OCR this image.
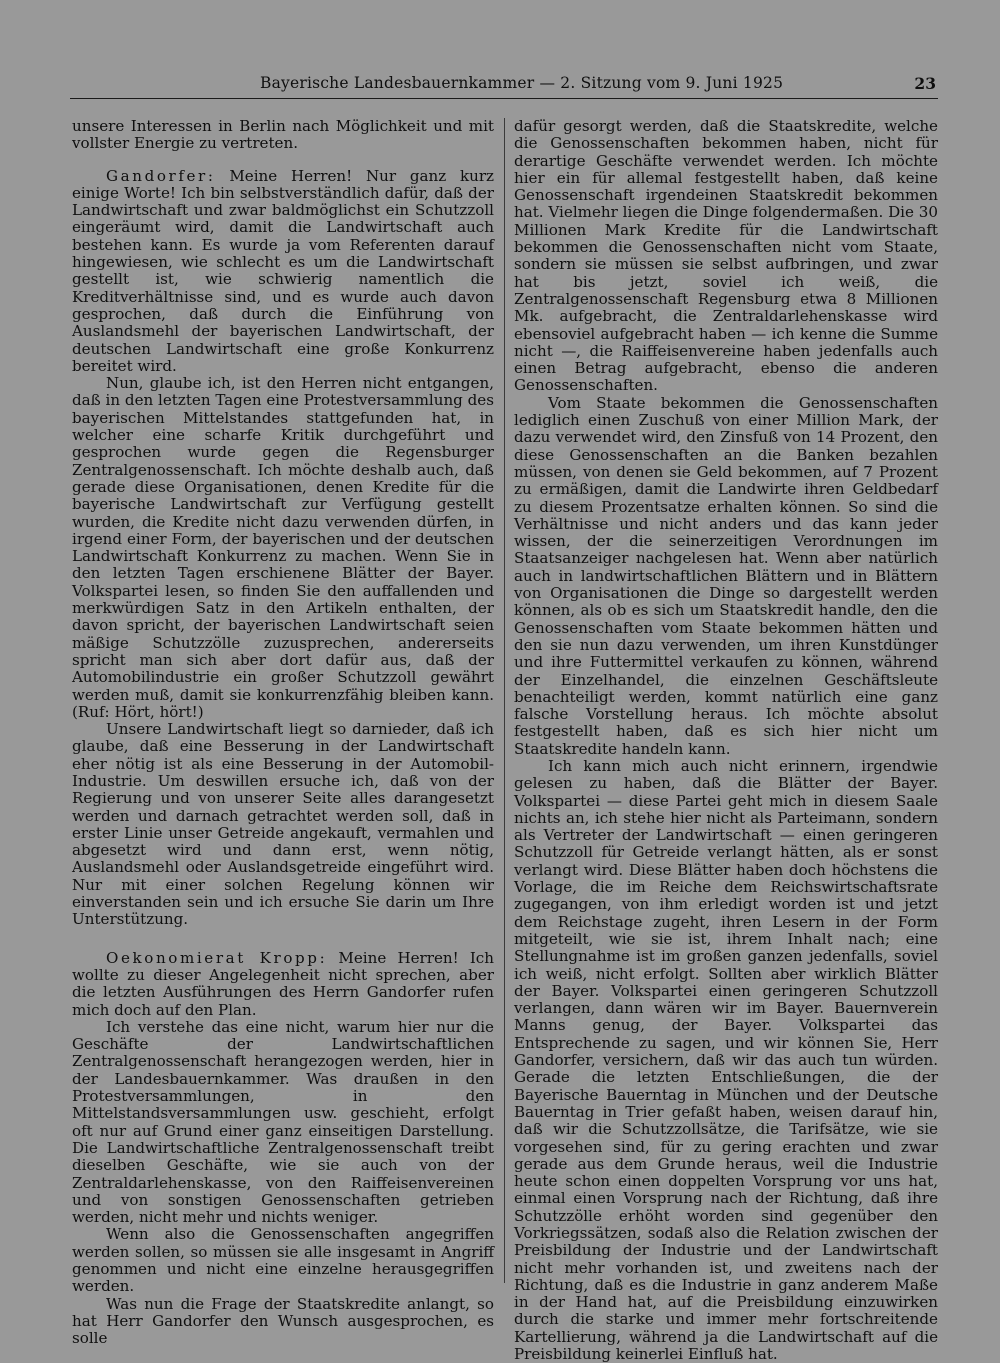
Bayerische Landesbauernkammer — 2. Sitzung vom 9. Juni 1925	23

unsere Interessen in Berlin nach Möglichkeit und mit vollster Energie zu vertreten.

Gandorfer: Meine Herren! Nur ganz kurz einige Worte! Ich bin selbstverständlich dafür, daß der Landwirtschaft und zwar baldmöglichst ein Schutzzoll eingeräumt wird, damit die Landwirtschaft auch bestehen kann. Es wurde ja vom Referenten darauf hingewiesen, wie schlecht es um die Landwirtschaft gestellt ist, wie schwierig namentlich die Kreditverhältnisse sind, und es wurde auch davon gesprochen, daß durch die Einführung von Auslandsmehl der bayerischen Landwirtschaft, der deutschen Landwirtschaft eine große Konkurrenz bereitet wird.

Nun, glaube ich, ist den Herren nicht entgangen, daß in den letzten Tagen eine Protestversammlung des bayerischen Mittelstandes stattgefunden hat, in welcher eine scharfe Kritik durchgeführt und gesprochen wurde gegen die Regensburger Zentralgenossenschaft. Ich möchte deshalb auch, daß gerade diese Organisationen, denen Kredite für die bayerische Landwirtschaft zur Verfügung gestellt wurden, die Kredite nicht dazu verwenden dürfen, in irgend einer Form, der bayerischen und der deutschen Landwirtschaft Konkurrenz zu machen. Wenn Sie in den letzten Tagen erschienene Blätter der Bayer. Volkspartei lesen, so finden Sie den auffallenden und merkwürdigen Satz in den Artikeln enthalten, der davon spricht, der bayerischen Landwirtschaft seien mäßige Schutzzölle zuzusprechen, andererseits spricht man sich aber dort dafür aus, daß der Automobilindustrie ein großer Schutzzoll gewährt werden muß, damit sie konkurrenzfähig bleiben kann. (Ruf: Hört, hört!)

Unsere Landwirtschaft liegt so darnieder, daß ich glaube, daß eine Besserung in der Landwirtschaft eher nötig ist als eine Besserung in der Automobil-Industrie. Um deswillen ersuche ich, daß von der Regierung und von unserer Seite alles darangesetzt werden und darnach getrachtet werden soll, daß in erster Linie unser Getreide angekauft, vermahlen und abgesetzt wird und dann erst, wenn nötig, Auslandsmehl oder Auslandsgetreide eingeführt wird. Nur mit einer solchen Regelung können wir einverstanden sein und ich ersuche Sie darin um Ihre Unterstützung.

Oekonomierat Kropp: Meine Herren! Ich wollte zu dieser Angelegenheit nicht sprechen, aber die letzten Ausführungen des Herrn Gandorfer rufen mich doch auf den Plan.

Ich verstehe das eine nicht, warum hier nur die Geschäfte der Landwirtschaftlichen Zentralgenossenschaft herangezogen werden, hier in der Landesbauernkammer. Was draußen in den Protestversammlungen, in den Mittelstandsversammlungen usw. geschieht, erfolgt oft nur auf Grund einer ganz einseitigen Darstellung. Die Landwirtschaftliche Zentralgenossenschaft treibt dieselben Geschäfte, wie sie auch von der Zentraldarlehenskasse, von den Raiffeisenvereinen und von sonstigen Genossenschaften getrieben werden, nicht mehr und nichts weniger.

Wenn also die Genossenschaften angegriffen werden sollen, so müssen sie alle insgesamt in Angriff genommen und nicht eine einzelne herausgegriffen werden.

Was nun die Frage der Staatskredite anlangt, so hat Herr Gandorfer den Wunsch ausgesprochen, es solle

dafür gesorgt werden, daß die Staatskredite, welche die Genossenschaften bekommen haben, nicht für derartige Geschäfte verwendet werden. Ich möchte hier ein für allemal festgestellt haben, daß keine Genossenschaft irgendeinen Staatskredit bekommen hat. Vielmehr liegen die Dinge folgendermaßen. Die 30 Millionen Mark Kredite für die Landwirtschaft bekommen die Genossenschaften nicht vom Staate, sondern sie müssen sie selbst aufbringen, und zwar hat bis jetzt, soviel ich weiß, die Zentralgenossenschaft Regensburg etwa 8 Millionen Mk. aufgebracht, die Zentraldarlehenskasse wird ebensoviel aufgebracht haben — ich kenne die Summe nicht —, die Raiffeisenvereine haben jedenfalls auch einen Betrag aufgebracht, ebenso die anderen Genossenschaften.

Vom Staate bekommen die Genossenschaften lediglich einen Zuschuß von einer Million Mark, der dazu verwendet wird, den Zinsfuß von 14 Prozent, den diese Genossenschaften an die Banken bezahlen müssen, von denen sie Geld bekommen, auf 7 Prozent zu ermäßigen, damit die Landwirte ihren Geldbedarf zu diesem Prozentsatze erhalten können. So sind die Verhältnisse und nicht anders und das kann jeder wissen, der die seinerzeitigen Verordnungen im Staatsanzeiger nachgelesen hat. Wenn aber natürlich auch in landwirtschaftlichen Blättern und in Blättern von Organisationen die Dinge so dargestellt werden können, als ob es sich um Staatskredit handle, den die Genossenschaften vom Staate bekommen hätten und den sie nun dazu verwenden, um ihren Kunstdünger und ihre Futtermittel verkaufen zu können, während der Einzelhandel, die einzelnen Geschäftsleute benachteiligt werden, kommt natürlich eine ganz falsche Vorstellung heraus. Ich möchte absolut festgestellt haben, daß es sich hier nicht um Staatskredite handeln kann.

Ich kann mich auch nicht erinnern, irgendwie gelesen zu haben, daß die Blätter der Bayer. Volkspartei — diese Partei geht mich in diesem Saale nichts an, ich stehe hier nicht als Parteimann, sondern als Vertreter der Landwirtschaft — einen geringeren Schutzzoll für Getreide verlangt hätten, als er sonst verlangt wird. Diese Blätter haben doch höchstens die Vorlage, die im Reiche dem Reichswirtschaftsrate zugegangen, von ihm erledigt worden ist und jetzt dem Reichstage zugeht, ihren Lesern in der Form mitgeteilt, wie sie ist, ihrem Inhalt nach; eine Stellungnahme ist im großen ganzen jedenfalls, soviel ich weiß, nicht erfolgt. Sollten aber wirklich Blätter der Bayer. Volkspartei einen geringeren Schutzzoll verlangen, dann wären wir im Bayer. Bauernverein Manns genug, der Bayer. Volkspartei das Entsprechende zu sagen, und wir können Sie, Herr Gandorfer, versichern, daß wir das auch tun würden. Gerade die letzten Entschließungen, die der Bayerische Bauerntag in München und der Deutsche Bauerntag in Trier gefaßt haben, weisen darauf hin, daß wir die Schutzzollsätze, die Tarifsätze, wie sie vorgesehen sind, für zu gering erachten und zwar gerade aus dem Grunde heraus, weil die Industrie heute schon einen doppelten Vorsprung vor uns hat, einmal einen Vorsprung nach der Richtung, daß ihre Schutzzölle erhöht worden sind gegenüber den Vorkriegssätzen, sodaß also die Relation zwischen der Preisbildung der Industrie und der Landwirtschaft nicht mehr vorhanden ist, und zweitens nach der Richtung, daß es die Industrie in ganz anderem Maße in der Hand hat, auf die Preisbildung einzuwirken durch die starke und immer mehr fortschreitende Kartellierung, während ja die Landwirtschaft auf die Preisbildung keinerlei Einfluß hat.
